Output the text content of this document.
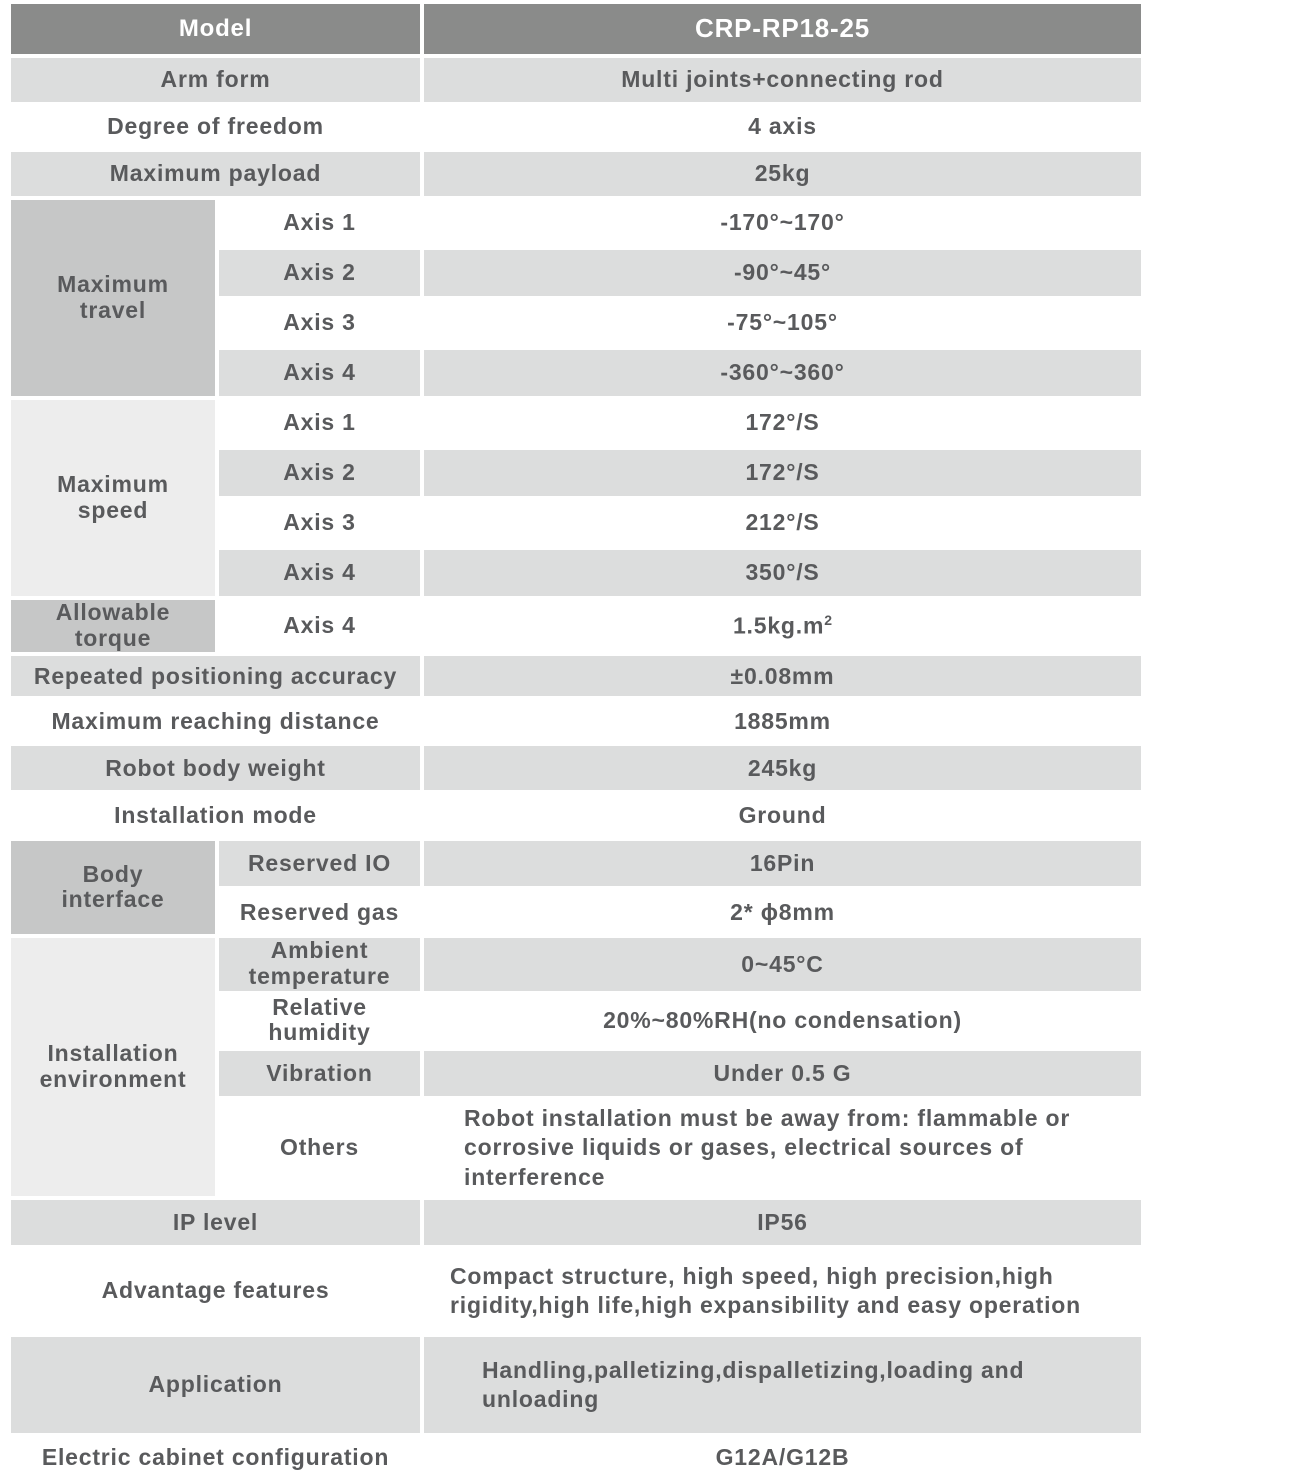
Model		CRP-RP18-25
Arm form		Multi joints+connecting rod
Degree of freedom		4 axis
Maximum payload		25kg
Maximum travel	Axis 1	-170°~170°
	Axis 2	-90°~45°
	Axis 3	-75°~105°
	Axis 4	-360°~360°
Maximum speed	Axis 1	172°/S
	Axis 2	172°/S
	Axis 3	212°/S
	Axis 4	350°/S
Allowable torque	Axis 4	$1.5kg.m^2$
Repeated positioning accuracy		±0.08mm
Maximum reaching distance		1885mm
Robot body weight		245kg
Installation mode		Ground
Body interface	Reserved IO	16Pin
	Reserved gas	2* ϕ8mm
Installation environment	Ambient temperature	0~45°C
	Relative humidity	20%~80%RH(no condensation)
	Vibration	Under 0.5 G
	Others	Robot installation must be away from: flammable or corrosive liquids or gases, electrical sources of interference

IP level		IP56
Advantage features		Compact structure, high speed, high precision,high rigidity,high life,high expansibility and easy operation

Application		Handling,palletizing,dispalletizing,loading and unloading

Electric cabinet configuration		G12A/G12B
